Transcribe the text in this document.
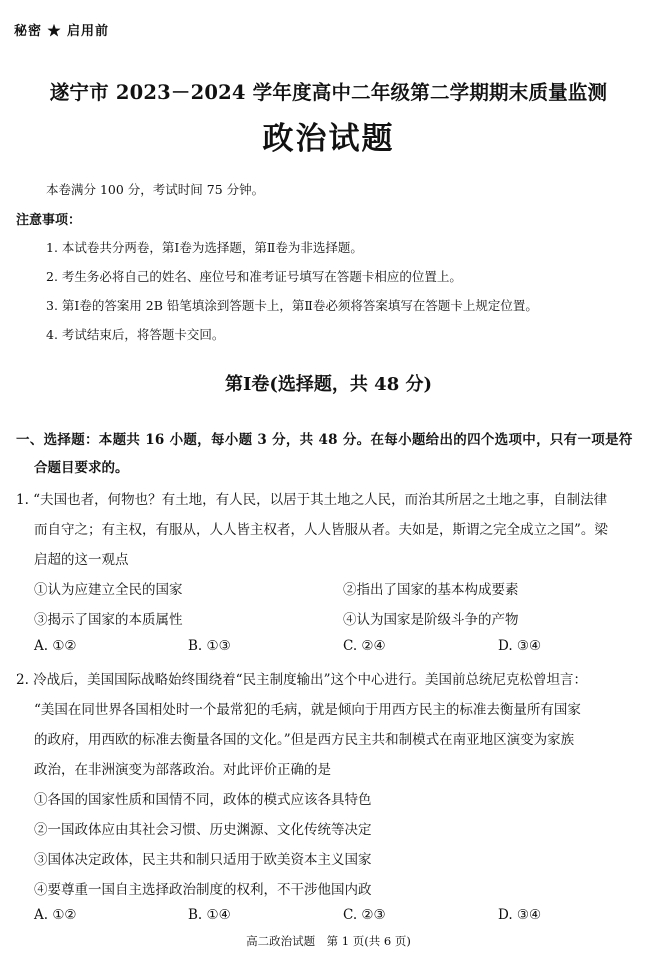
秘密 ★ 启用前
遂宁市 2023－2024 学年度高中二年级第二学期期末质量监测
政治试题
本卷满分 100 分，考试时间 75 分钟。
注意事项：
1. 本试卷共分两卷，第Ⅰ卷为选择题，第Ⅱ卷为非选择题。
2. 考生务必将自己的姓名、座位号和准考证号填写在答题卡相应的位置上。
3. 第Ⅰ卷的答案用 2B 铅笔填涂到答题卡上，第Ⅱ卷必须将答案填写在答题卡上规定位置。
4. 考试结束后，将答题卡交回。
第Ⅰ卷(选择题，共 48 分)
一、选择题：本题共 16 小题，每小题 3 分，共 48 分。在每小题给出的四个选项中，只有一项是符
合题目要求的。
1. “夫国也者，何物也？有土地，有人民，以居于其土地之人民，而治其所居之土地之事，自制法律
而自守之；有主权，有服从，人人皆主权者，人人皆服从者。夫如是，斯谓之完全成立之国”。梁
启超的这一观点
①认为应建立全民的国家	②指出了国家的基本构成要素
③揭示了国家的本质属性	④认为国家是阶级斗争的产物
A. ①②	B. ①③	C. ②④	D. ③④
2. 冷战后，美国国际战略始终围绕着“民主制度输出”这个中心进行。美国前总统尼克松曾坦言：
“美国在同世界各国相处时一个最常犯的毛病，就是倾向于用西方民主的标准去衡量所有国家
的政府，用西欧的标准去衡量各国的文化。”但是西方民主共和制模式在南亚地区演变为家族
政治，在非洲演变为部落政治。对此评价正确的是
①各国的国家性质和国情不同，政体的模式应该各具特色
②一国政体应由其社会习惯、历史渊源、文化传统等决定
③国体决定政体，民主共和制只适用于欧美资本主义国家
④要尊重一国自主选择政治制度的权利，不干涉他国内政
A. ①②	B. ①④	C. ②③	D. ③④
高二政治试题　第 1 页(共 6 页)
